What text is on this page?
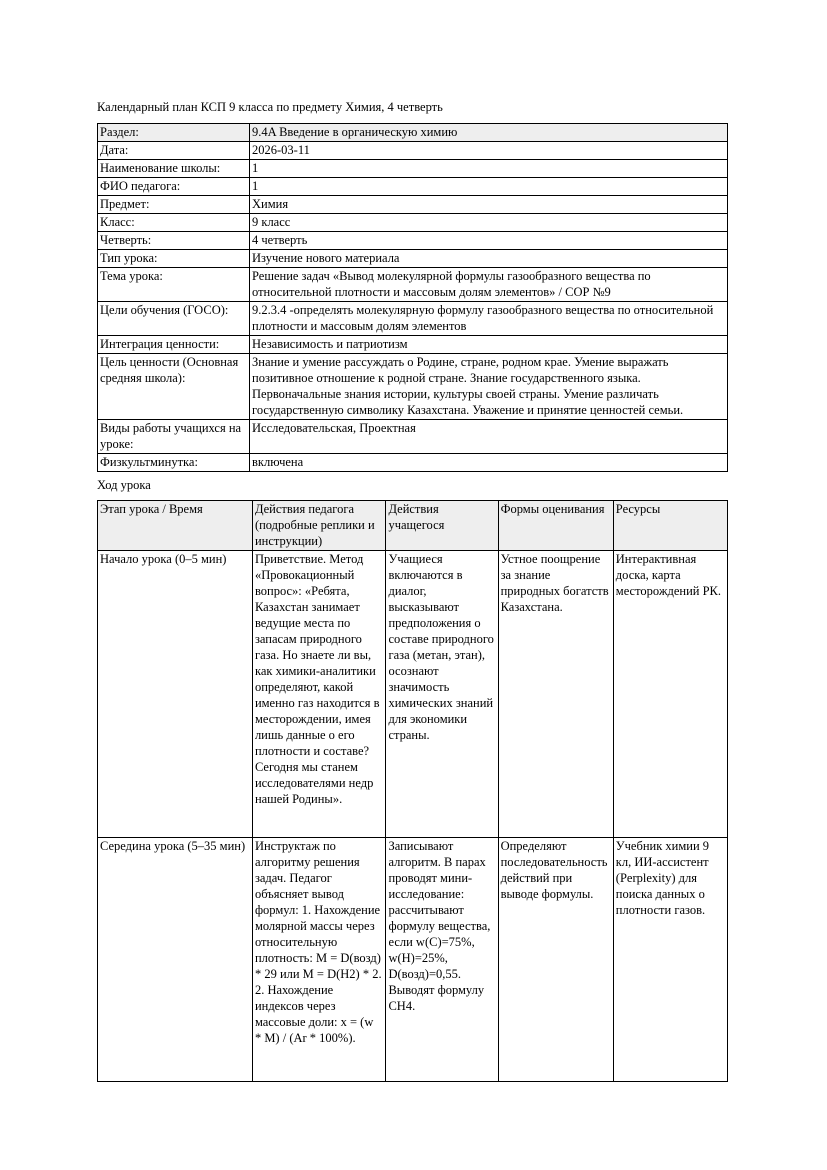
Календарный план КСП 9 класса по предмету Химия, 4 четверть

Раздел:	9.4A Введение в органическую химию
Дата:	2026-03-11
Наименование школы:	1
ФИО педагога:	1
Предмет:	Химия
Класс:	9 класс
Четверть:	4 четверть
Тип урока:	Изучение нового материала
Тема урока:	Решение задач «Вывод молекулярной формулы газообразного вещества по относительной плотности и массовым долям элементов» / СОР №9
Цели обучения (ГОСО):	9.2.3.4 -определять молекулярную формулу газообразного вещества по относительной плотности и массовым долям элементов
Интеграция ценности:	Независимость и патриотизм
Цель ценности (Основная средняя школа):	Знание и умение рассуждать о Родине, стране, родном крае. Умение выражать позитивное отношение к родной стране. Знание государственного языка. Первоначальные знания истории, культуры своей страны. Умение различать государственную символику Казахстана. Уважение и принятие ценностей семьи.
Виды работы учащихся на уроке:	Исследовательская, Проектная
Физкультминутка:	включена

Ход урока

Этап урока / Время	Действия педагога (подробные реплики и инструкции)	Действия учащегося	Формы оценивания	Ресурсы
Начало урока (0–5 мин)	Приветствие. Метод «Провокационный вопрос»: «Ребята, Казахстан занимает ведущие места по запасам природного газа. Но знаете ли вы, как химики-аналитики определяют, какой именно газ находится в месторождении, имея лишь данные о его плотности и составе? Сегодня мы станем исследователями недр нашей Родины».	Учащиеся включаются в диалог, высказывают предположения о составе природного газа (метан, этан), осознают значимость химических знаний для экономики страны.	Устное поощрение за знание природных богатств Казахстана.	Интерактивная доска, карта месторождений РК.
Середина урока (5–35 мин)	Инструктаж по алгоритму решения задач. Педагог объясняет вывод формул: 1. Нахождение молярной массы через относительную плотность: M = D(возд) * 29 или M = D(H2) * 2. 2. Нахождение индексов через массовые доли: x = (w * M) / (Ar * 100%).	Записывают алгоритм. В парах проводят мини-исследование: рассчитывают формулу вещества, если w(C)=75%, w(H)=25%, D(возд)=0,55. Выводят формулу CH4.	Определяют последовательность действий при выводе формулы.	Учебник химии 9 кл, ИИ-ассистент (Perplexity) для поиска данных о плотности газов.
